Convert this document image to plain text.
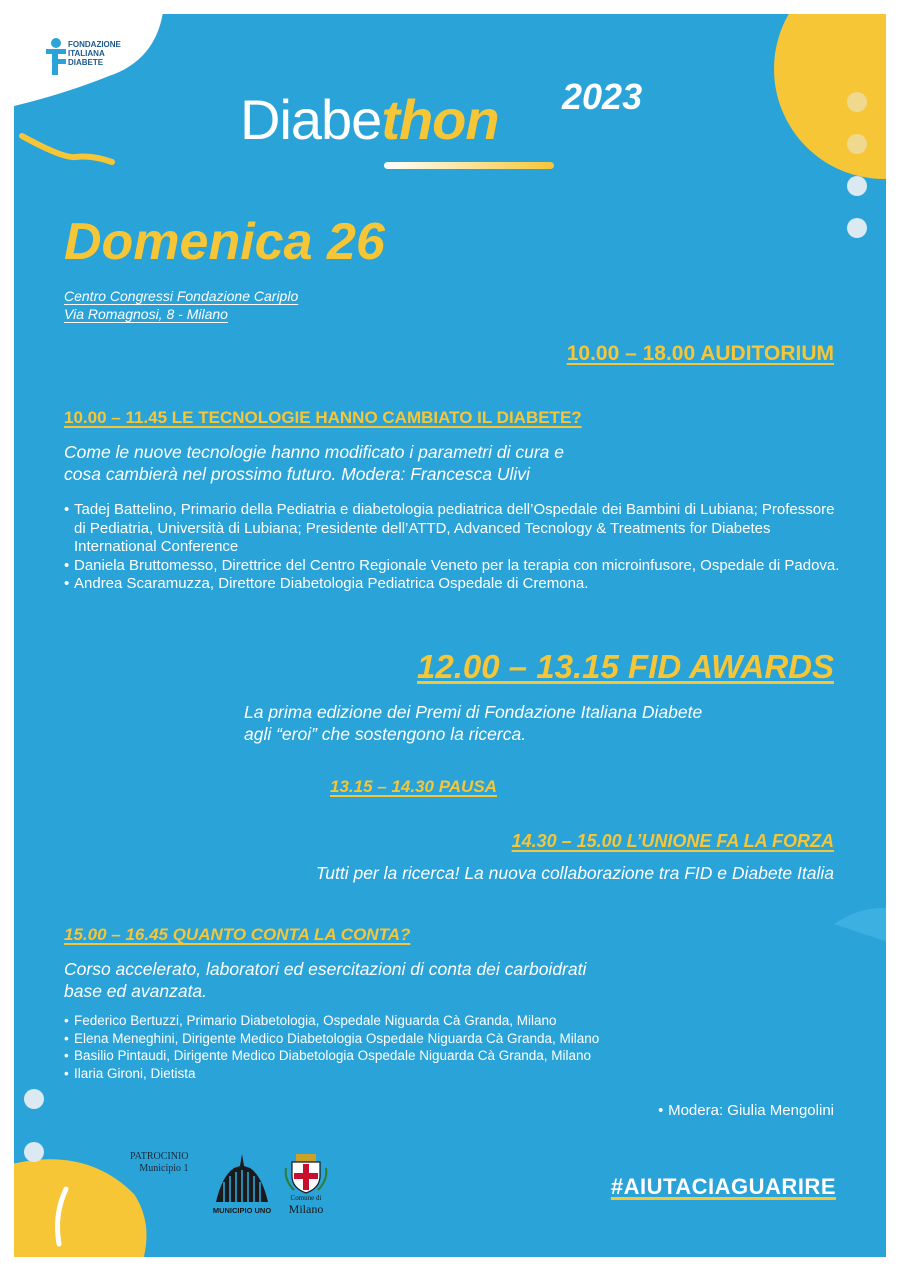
FONDAZIONE
ITALIANA
DIABETE
Diabethon 2023
Domenica 26
Centro Congressi Fondazione Cariplo
Via Romagnosi, 8 - Milano
10.00 – 18.00 AUDITORIUM
10.00 – 11.45 LE TECNOLOGIE HANNO CAMBIATO IL DIABETE?
Come le nuove tecnologie hanno modificato i parametri di cura e
cosa cambierà nel prossimo futuro. Modera: Francesca Ulivi
• Tadej Battelino, Primario della Pediatria e diabetologia pediatrica dell’Ospedale dei Bambini di Lubiana; Professore di Pediatria, Università di Lubiana; Presidente dell’ATTD, Advanced Tecnology & Treatments for Diabetes International Conference
• Daniela Bruttomesso, Direttrice del Centro Regionale Veneto per la terapia con microinfusore, Ospedale di Padova.
• Andrea Scaramuzza, Direttore Diabetologia Pediatrica Ospedale di Cremona.
12.00 – 13.15 FID AWARDS
La prima edizione dei Premi di Fondazione Italiana Diabete
agli “eroi” che sostengono la ricerca.
13.15 – 14.30 PAUSA
14.30 – 15.00 L’UNIONE FA LA FORZA
Tutti per la ricerca! La nuova collaborazione tra FID e Diabete Italia
15.00 – 16.45 QUANTO CONTA LA CONTA?
Corso accelerato, laboratori ed esercitazioni di conta dei carboidrati
base ed avanzata.
• Federico Bertuzzi, Primario Diabetologia, Ospedale Niguarda Cà Granda, Milano
• Elena Meneghini, Dirigente Medico Diabetologia Ospedale Niguarda Cà Granda, Milano
• Basilio Pintaudi, Dirigente Medico Diabetologia Ospedale Niguarda Cà Granda, Milano
• Ilaria Gironi, Dietista
• Modera: Giulia Mengolini
PATROCINIO
Municipio 1
MUNICIPIO UNO
Comune di
Milano
#AIUTACIAGUARIRE
